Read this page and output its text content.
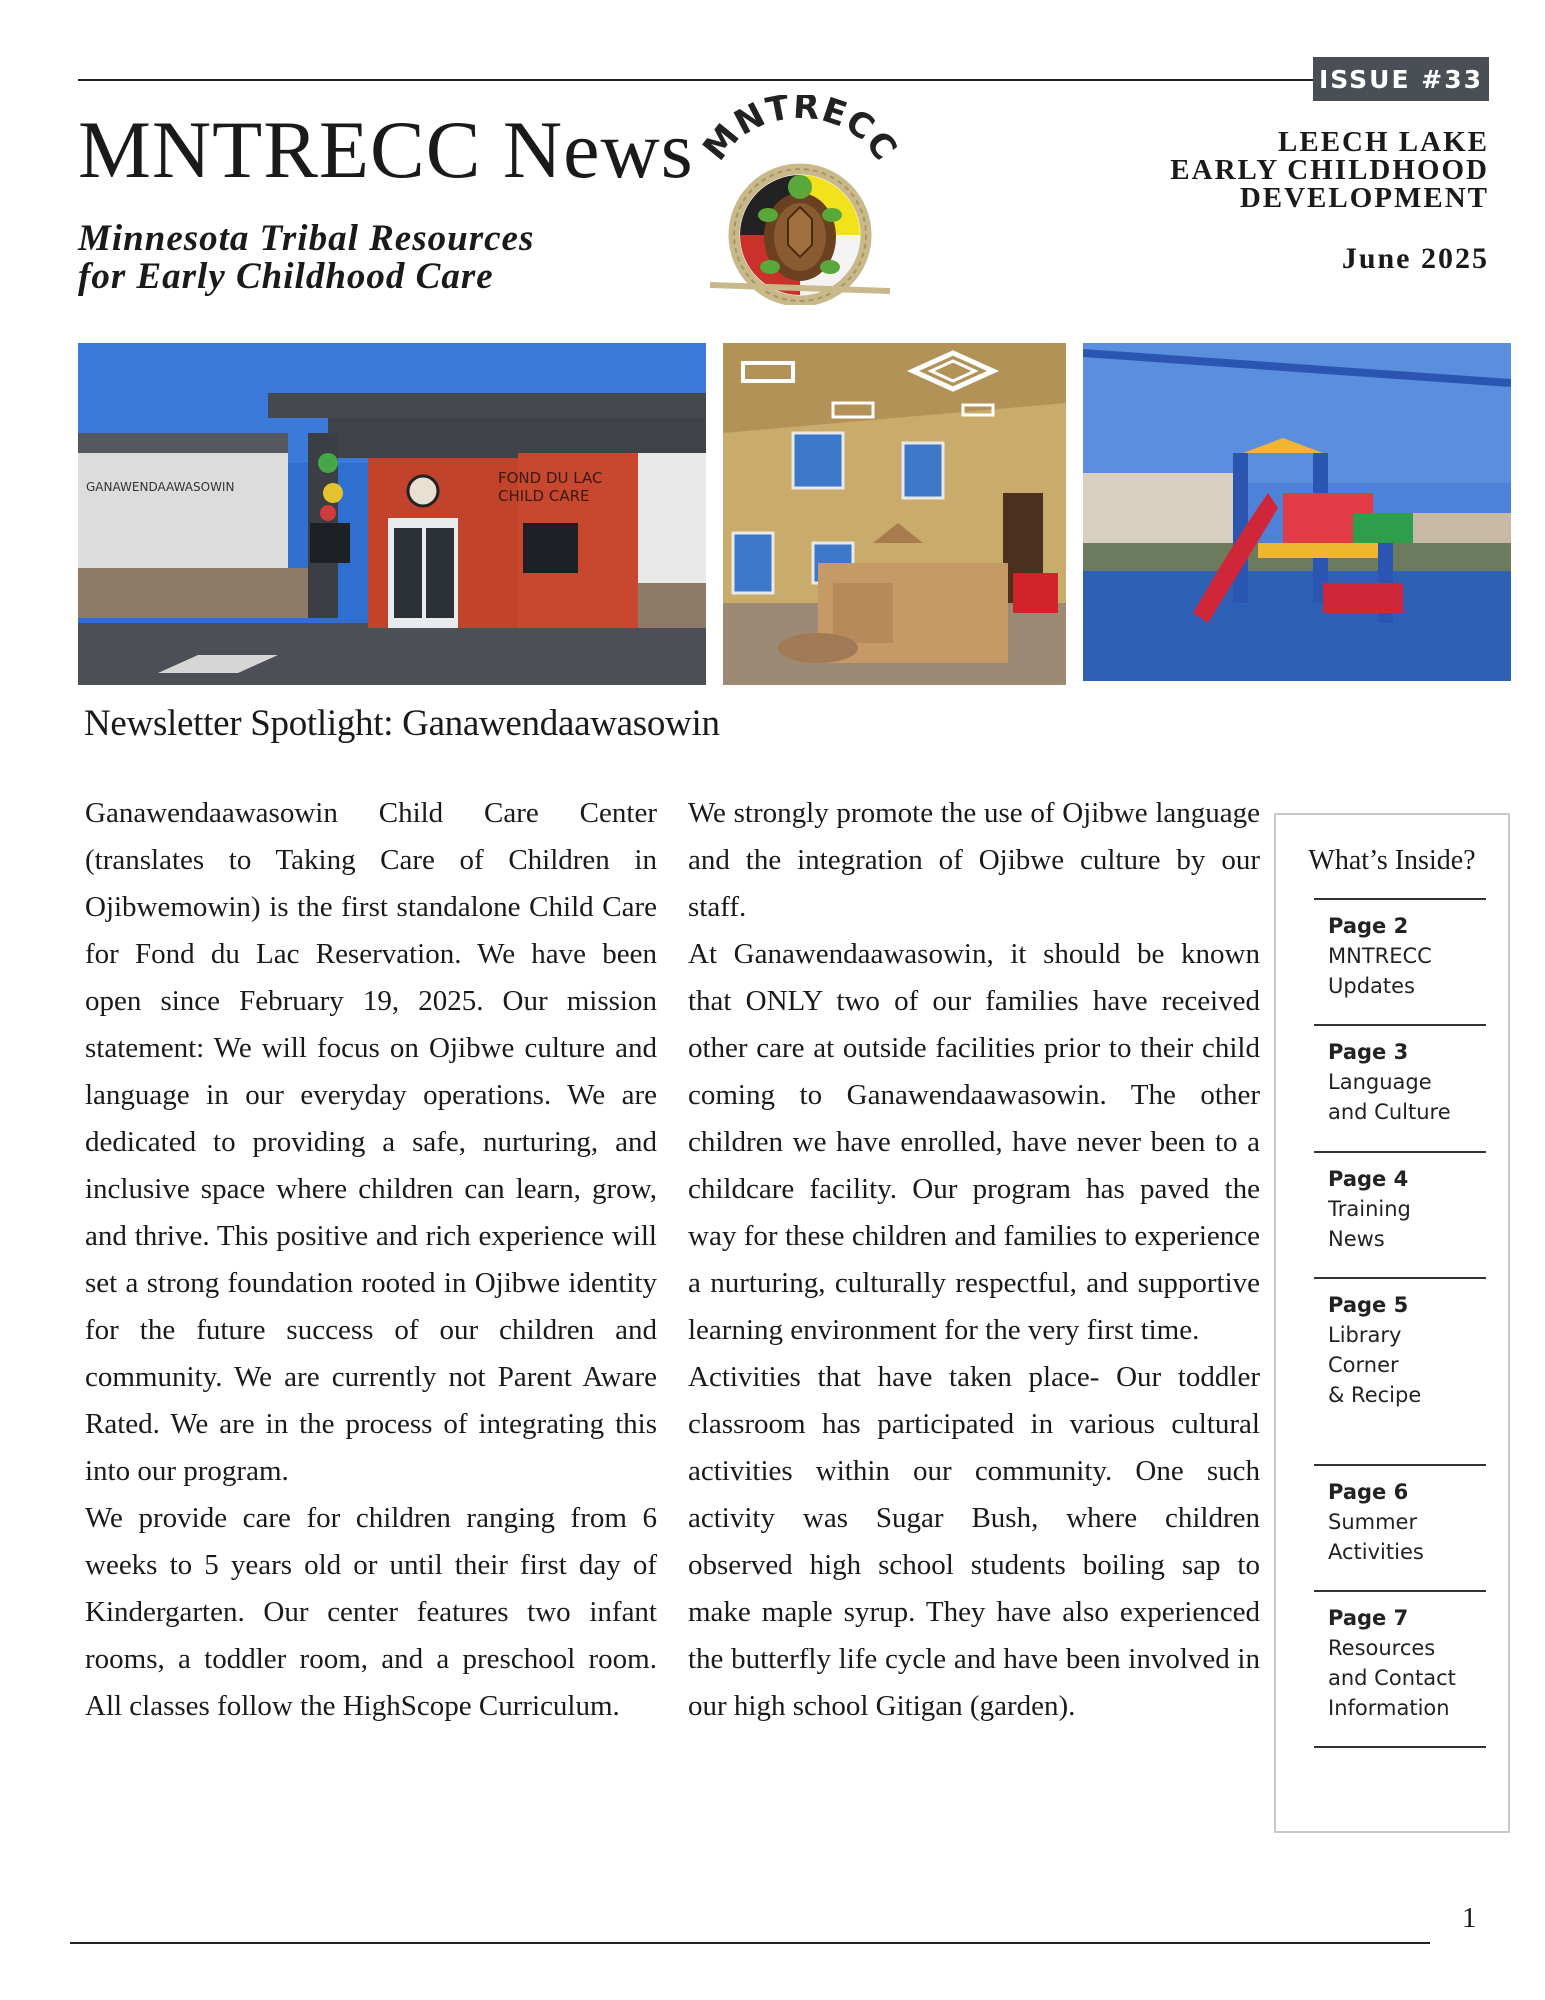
ISSUE #33
MNTRECC News
Minnesota Tribal Resources
for Early Childhood Care
MNTRECC	LEECH LAKE
EARLY CHILDHOOD
DEVELOPMENT
June 2025
GANAWENDAAWASOWIN	FOND DU LAC
CHILD CARE
Newsletter Spotlight: Ganawendaawasowin

Ganawendaawasowin Child Care Center (translates to Taking Care of Children in Ojibwemowin) is the first standalone Child Care for Fond du Lac Reservation. We have been open since February 19, 2025. Our mission statement: We will focus on Ojibwe culture and language in our everyday operations. We are dedicated to providing a safe, nurturing, and inclusive space where children can learn, grow, and thrive. This positive and rich experience will set a strong foundation rooted in Ojibwe identity for the future success of our children and community. We are currently not Parent Aware Rated. We are in the process of integrating this into our program.

We provide care for children ranging from 6 weeks to 5 years old or until their first day of Kindergarten. Our center features two infant rooms, a toddler room, and a preschool room. All classes follow the HighScope Curriculum.

We strongly promote the use of Ojibwe language and the integration of Ojibwe culture by our staff.

At Ganawendaawasowin, it should be known that ONLY two of our families have received other care at outside facilities prior to their child coming to Ganawendaawasowin. The other children we have enrolled, have never been to a childcare facility. Our program has paved the way for these children and families to experience a nurturing, culturally respectful, and supportive learning environment for the very first time.

Activities that have taken place- Our toddler classroom has participated in various cultural activities within our community. One such activity was Sugar Bush, where children observed high school students boiling sap to make maple syrup. They have also experienced the butterfly life cycle and have been involved in our high school Gitigan (garden).

What’s Inside?
Page 2
MNTRECC
Updates
Page 3
Language
and Culture
Page 4
Training
News
Page 5
Library
Corner
& Recipe
Page 6
Summer
Activities
Page 7
Resources
and Contact
Information
1
